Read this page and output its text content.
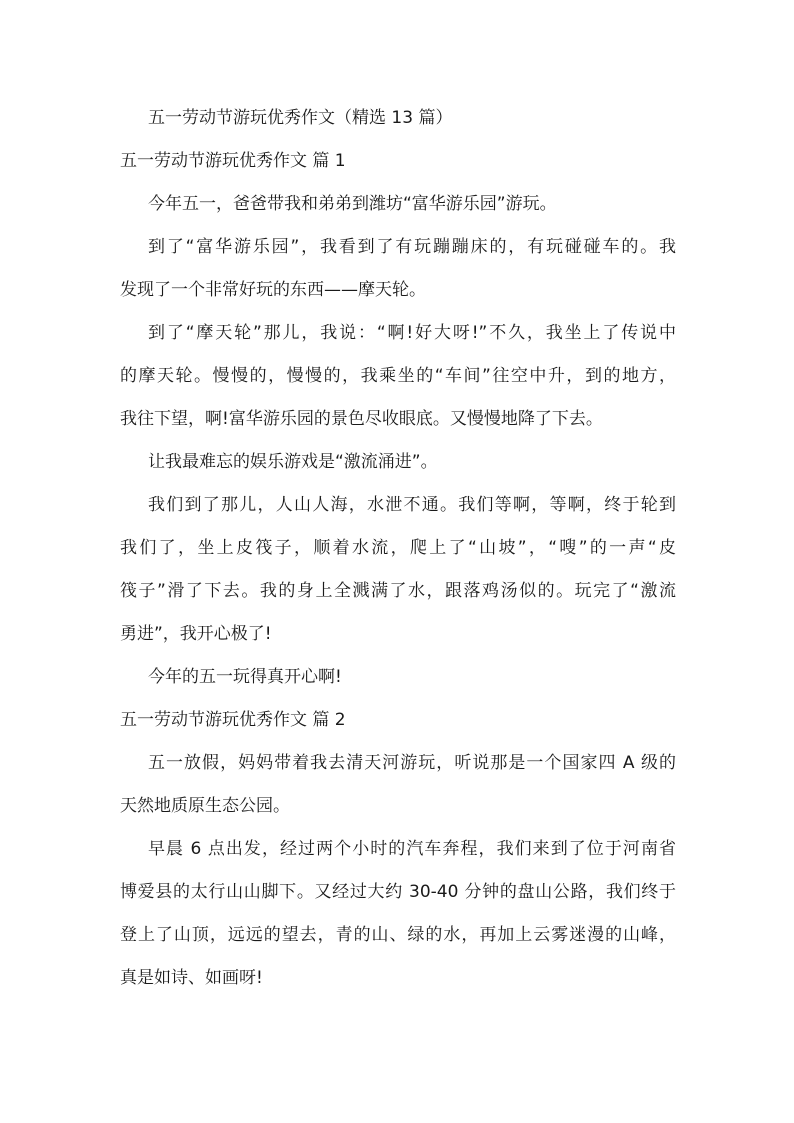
五一劳动节游玩优秀作文（精选 13 篇）
五一劳动节游玩优秀作文 篇 1
今年五一，爸爸带我和弟弟到潍坊“富华游乐园”游玩。
到了“富华游乐园”，我看到了有玩蹦蹦床的，有玩碰碰车的。我
发现了一个非常好玩的东西——摩天轮。
到了“摩天轮”那儿，我说：“啊!好大呀!”不久，我坐上了传说中
的摩天轮。慢慢的，慢慢的，我乘坐的“车间”往空中升，到的地方，
我往下望，啊!富华游乐园的景色尽收眼底。又慢慢地降了下去。
让我最难忘的娱乐游戏是“激流涌进”。
我们到了那儿，人山人海，水泄不通。我们等啊，等啊，终于轮到
我们了，坐上皮筏子，顺着水流，爬上了“山坡”，“嗖”的一声“皮
筏子”滑了下去。我的身上全溅满了水，跟落鸡汤似的。玩完了“激流
勇进”，我开心极了!
今年的五一玩得真开心啊!
五一劳动节游玩优秀作文 篇 2
五一放假，妈妈带着我去清天河游玩，听说那是一个国家四 A 级的
天然地质原生态公园。
早晨 6 点出发，经过两个小时的汽车奔程，我们来到了位于河南省
博爱县的太行山山脚下。又经过大约 30-40 分钟的盘山公路，我们终于
登上了山顶，远远的望去，青的山、绿的水，再加上云雾迷漫的山峰，
真是如诗、如画呀!
